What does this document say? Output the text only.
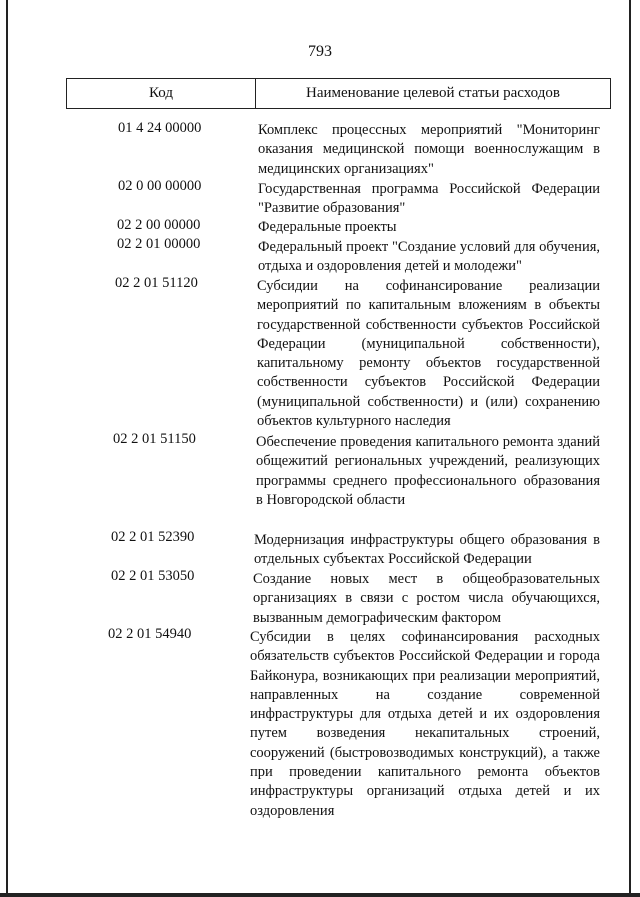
793
Код	Наименование целевой статьи расходов
01 4 24 00000	Комплекс процессных мероприятий "Мониторинг оказания медицинской помощи военнослужащим в медицинских организациях"
02 0 00 00000	Государственная программа Российской Федерации "Развитие образования"
02 2 00 00000	Федеральные проекты
02 2 01 00000	Федеральный проект "Создание условий для обучения, отдыха и оздоровления детей и молодежи"
02 2 01 51120	Субсидии на софинансирование реализации мероприятий по капитальным вложениям в объекты государственной собственности субъектов Российской Федерации (муниципальной собственности), капитальному ремонту объектов государственной собственности субъектов Российской Федерации (муниципальной собственности) и (или) сохранению объектов культурного наследия
02 2 01 51150	Обеспечение проведения капитального ремонта зданий общежитий региональных учреждений, реализующих программы среднего профессионального образования в Новгородской области
02 2 01 52390	Модернизация инфраструктуры общего образования в отдельных субъектах Российской Федерации
02 2 01 53050	Создание новых мест в общеобразовательных организациях в связи с ростом числа обучающихся, вызванным демографическим фактором
02 2 01 54940	Субсидии в целях софинансирования расходных обязательств субъектов Российской Федерации и города Байконура, возникающих при реализации мероприятий, направленных на создание современной инфраструктуры для отдыха детей и их оздоровления путем возведения некапитальных строений, сооружений (быстровозводимых конструкций), а также при проведении капитального ремонта объектов инфраструктуры организаций отдыха детей и их оздоровления
